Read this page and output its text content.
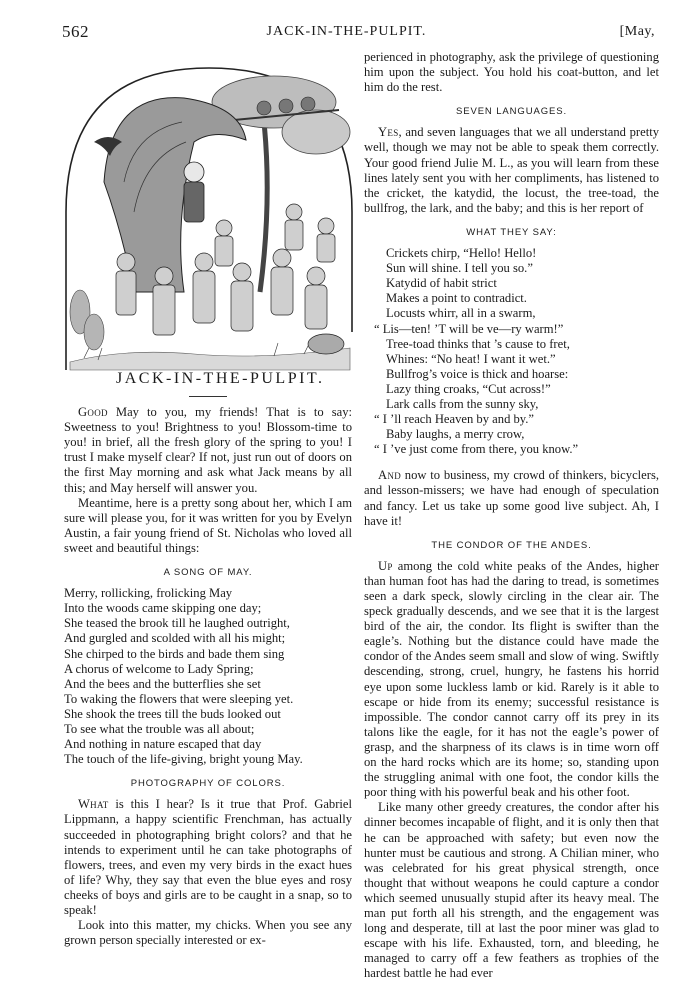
562	JACK-IN-THE-PULPIT.	[May,
JACK-IN-THE-PULPIT.

Good May to you, my friends! That is to say: Sweetness to you! Brightness to you! Blossom-time to you! in brief, all the fresh glory of the spring to you! I trust I make myself clear? If not, just run out of doors on the first May morning and ask what Jack means by all this; and May herself will answer you.

Meantime, here is a pretty song about her, which I am sure will please you, for it was written for you by Evelyn Austin, a fair young friend of St. Nicholas who loved all sweet and beautiful things:

A SONG OF MAY.
Merry, rollicking, frolicking May
Into the woods came skipping one day;
She teased the brook till he laughed outright,
And gurgled and scolded with all his might;
She chirped to the birds and bade them sing
A chorus of welcome to Lady Spring;
And the bees and the butterflies she set
To waking the flowers that were sleeping yet.
She shook the trees till the buds looked out
To see what the trouble was all about;
And nothing in nature escaped that day
The touch of the life-giving, bright young May.
PHOTOGRAPHY OF COLORS.

What is this I hear? Is it true that Prof. Gabriel Lippmann, a happy scientific Frenchman, has actually succeeded in photographing bright colors? and that he intends to experiment until he can take photographs of flowers, trees, and even my very birds in the exact hues of life? Why, they say that even the blue eyes and rosy cheeks of boys and girls are to be caught in a snap, so to speak!

Look into this matter, my chicks. When you see any grown person specially interested or ex-

perienced in photography, ask the privilege of questioning him upon the subject. You hold his coat-button, and let him do the rest.

SEVEN LANGUAGES.

Yes, and seven languages that we all understand pretty well, though we may not be able to speak them correctly. Your good friend Julie M. L., as you will learn from these lines lately sent you with her compliments, has listened to the cricket, the katydid, the locust, the tree-toad, the bullfrog, the lark, and the baby; and this is her report of

WHAT THEY SAY:
Crickets chirp, “Hello! Hello!
Sun will shine. I tell you so.”
Katydid of habit strict
Makes a point to contradict.
Locusts whirr, all in a swarm,
“ Lis—ten! ’T will be ve—ry warm!”
Tree-toad thinks that ’s cause to fret,
Whines: “No heat! I want it wet.”
Bullfrog’s voice is thick and hoarse:
Lazy thing croaks, “Cut across!”
Lark calls from the sunny sky,
“ I ’ll reach Heaven by and by.”
Baby laughs, a merry crow,
“ I ’ve just come from there, you know.”

And now to business, my crowd of thinkers, bicyclers, and lesson-missers; we have had enough of speculation and fancy. Let us take up some good live subject. Ah, I have it!

THE CONDOR OF THE ANDES.

Up among the cold white peaks of the Andes, higher than human foot has had the daring to tread, is sometimes seen a dark speck, slowly circling in the clear air. The speck gradually descends, and we see that it is the largest bird of the air, the condor. Its flight is swifter than the eagle’s. Nothing but the distance could have made the condor of the Andes seem small and slow of wing. Swiftly descending, strong, cruel, hungry, he fastens his horrid eye upon some luckless lamb or kid. Rarely is it able to escape or hide from its enemy; successful resistance is impossible. The condor cannot carry off its prey in its talons like the eagle, for it has not the eagle’s power of grasp, and the sharpness of its claws is in time worn off on the hard rocks which are its home; so, standing upon the struggling animal with one foot, the condor kills the poor thing with his powerful beak and his other foot.

Like many other greedy creatures, the condor after his dinner becomes incapable of flight, and it is only then that he can be approached with safety; but even now the hunter must be cautious and strong. A Chilian miner, who was celebrated for his great physical strength, once thought that without weapons he could capture a condor which seemed unusually stupid after its heavy meal. The man put forth all his strength, and the engagement was long and desperate, till at last the poor miner was glad to escape with his life. Exhausted, torn, and bleeding, he managed to carry off a few feathers as trophies of the hardest battle he had ever
